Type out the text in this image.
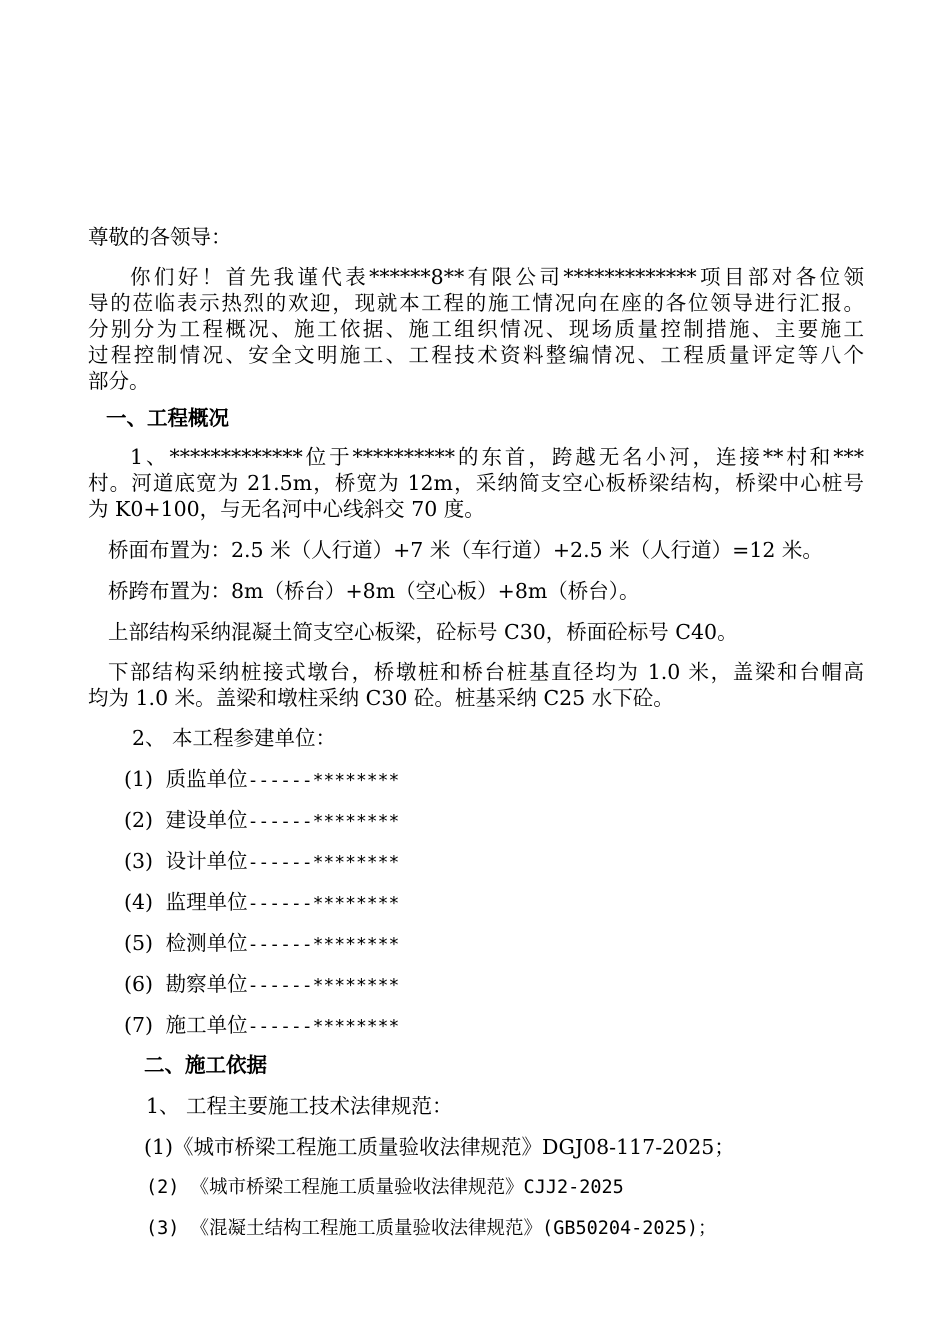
尊敬的各领导：
你们好！首先我谨代表******8**有限公司*************项目部对各位领
导的莅临表示热烈的欢迎，现就本工程的施工情况向在座的各位领导进行汇报。
分别分为工程概况、施工依据、施工组织情况、现场质量控制措施、主要施工
过程控制情况、安全文明施工、工程技术资料整编情况、工程质量评定等八个
部分。
一、工程概况
1、*************位于**********的东首，跨越无名小河，连接**村和***
村。河道底宽为 21.5m，桥宽为 12m，采纳简支空心板桥梁结构，桥梁中心桩号
为 K0+100，与无名河中心线斜交 70 度。
桥面布置为：2.5 米（人行道）+7 米（车行道）+2.5 米（人行道）=12 米。
桥跨布置为：8m（桥台）+8m（空心板）+8m（桥台）。
上部结构采纳混凝土简支空心板梁，砼标号 C30，桥面砼标号 C40。
下部结构采纳桩接式墩台，桥墩桩和桥台桩基直径均为 1.0 米，盖梁和台帽高
均为 1.0 米。盖梁和墩柱采纳 C30 砼。桩基采纳 C25 水下砼。
2、 本工程参建单位：
(1) 质监单位------********
(2) 建设单位------********
(3) 设计单位------********
(4) 监理单位------********
(5) 检测单位------********
(6) 勘察单位------********
(7) 施工单位------********
二、施工依据
1、 工程主要施工技术法律规范：
(1)《城市桥梁工程施工质量验收法律规范》DGJ08-117-2025；
(2) 《城市桥梁工程施工质量验收法律规范》CJJ2-2025
(3) 《混凝土结构工程施工质量验收法律规范》(GB50204-2025)；
